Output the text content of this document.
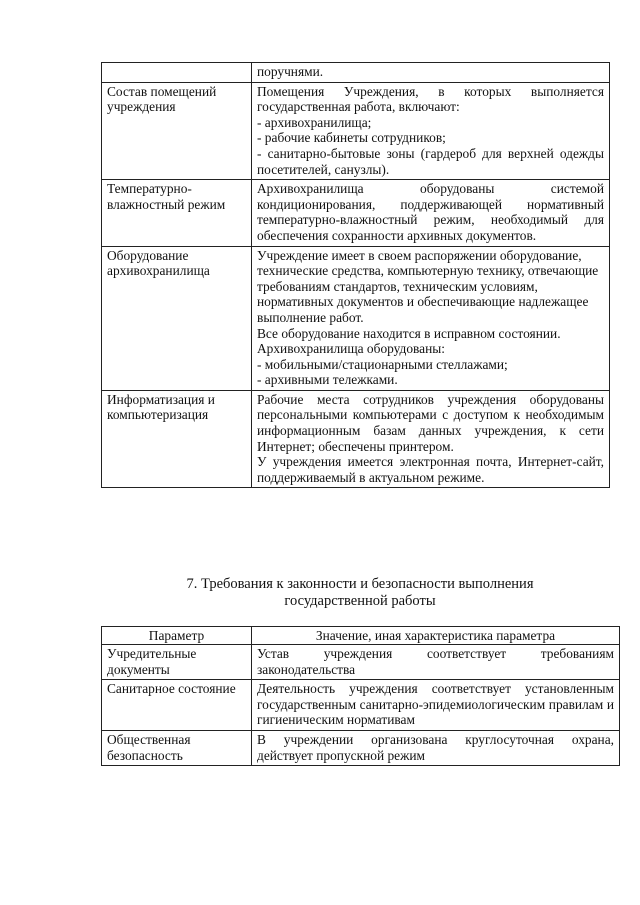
	поручнями.

Состав помещений учреждения	Помещения Учреждения, в которых выполняется государственная работа, включают:
- архивохранилища;
- рабочие кабинеты сотрудников;
- санитарно-бытовые зоны (гардероб для верхней одежды посетителей, санузлы).

Температурно-влажностный режим	Архивохранилища оборудованы системой кондиционирования, поддерживающей нормативный температурно-влажностный режим, необходимый для обеспечения сохранности архивных документов.

Оборудование архивохранилища	Учреждение имеет в своем распоряжении оборудование, технические средства, компьютерную технику, отвечающие требованиям стандартов, техническим условиям, нормативных документов и обеспечивающие надлежащее выполнение работ.
Все оборудование находится в исправном состоянии.
Архивохранилища оборудованы:
- мобильными/стационарными стеллажами;
- архивными тележками.

Информатизация и компьютеризация	Рабочие места сотрудников учреждения оборудованы персональными компьютерами с доступом к необходимым информационным базам данных учреждения, к сети Интернет; обеспечены принтером.
У учреждения имеется электронная почта, Интернет-сайт, поддерживаемый в актуальном режиме.
7. Требования к законности и безопасности выполнения
государственной работы
Параметр	Значение, иная характеристика параметра
Учредительные документы	Устав учреждения соответствует требованиям законодательства
Санитарное состояние	Деятельность учреждения соответствует установленным государственным санитарно-эпидемиологическим правилам и гигиеническим нормативам
Общественная безопасность	В учреждении организована круглосуточная охрана, действует пропускной режим
